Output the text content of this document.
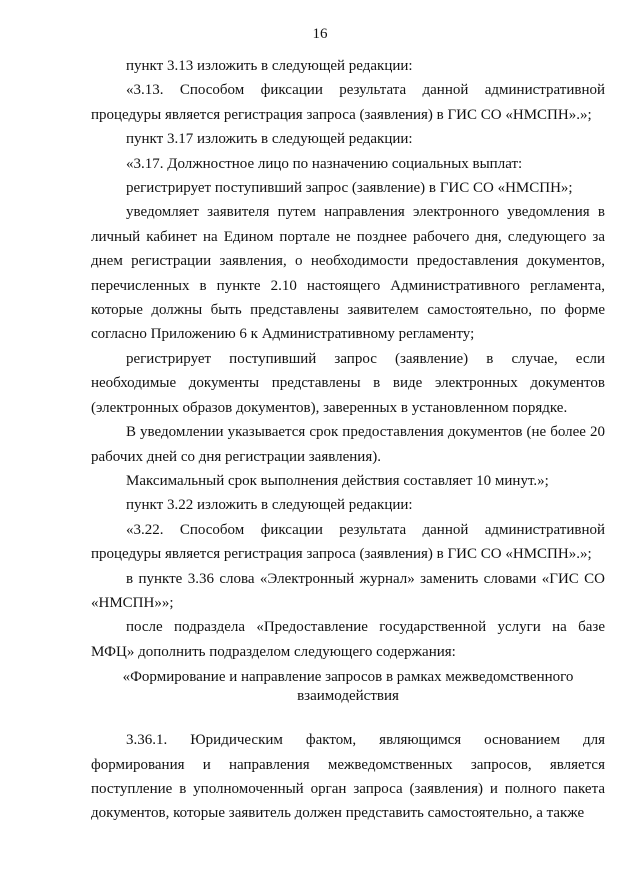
16

пункт 3.13 изложить в следующей редакции:

«3.13. Способом фиксации результата данной административной процедуры является регистрация запроса (заявления) в ГИС СО «НМСПН».»;

пункт 3.17 изложить в следующей редакции:

«3.17. Должностное лицо по назначению социальных выплат:

регистрирует поступивший запрос (заявление) в ГИС СО «НМСПН»;

уведомляет заявителя путем направления электронного уведомления в личный кабинет на Едином портале не позднее рабочего дня, следующего за днем регистрации заявления, о необходимости предоставления документов, перечисленных в пункте 2.10 настоящего Административного регламента, которые должны быть представлены заявителем самостоятельно, по форме согласно Приложению 6 к Административному регламенту;

регистрирует поступивший запрос (заявление) в случае, если необходимые документы представлены в виде электронных документов (электронных образов документов), заверенных в установленном порядке.

В уведомлении указывается срок предоставления документов (не более 20 рабочих дней со дня регистрации заявления).

Максимальный срок выполнения действия составляет 10 минут.»;

пункт 3.22 изложить в следующей редакции:

«3.22. Способом фиксации результата данной административной процедуры является регистрация запроса (заявления) в ГИС СО «НМСПН».»;

в пункте 3.36 слова «Электронный журнал» заменить словами «ГИС СО «НМСПН»»;

после подраздела «Предоставление государственной услуги на базе МФЦ» дополнить подразделом следующего содержания:

«Формирование и направление запросов в рамках межведомственного взаимодействия

3.36.1. Юридическим фактом, являющимся основанием для формирования и направления межведомственных запросов, является поступление в уполномоченный орган запроса (заявления) и полного пакета документов, которые заявитель должен представить самостоятельно, а также
